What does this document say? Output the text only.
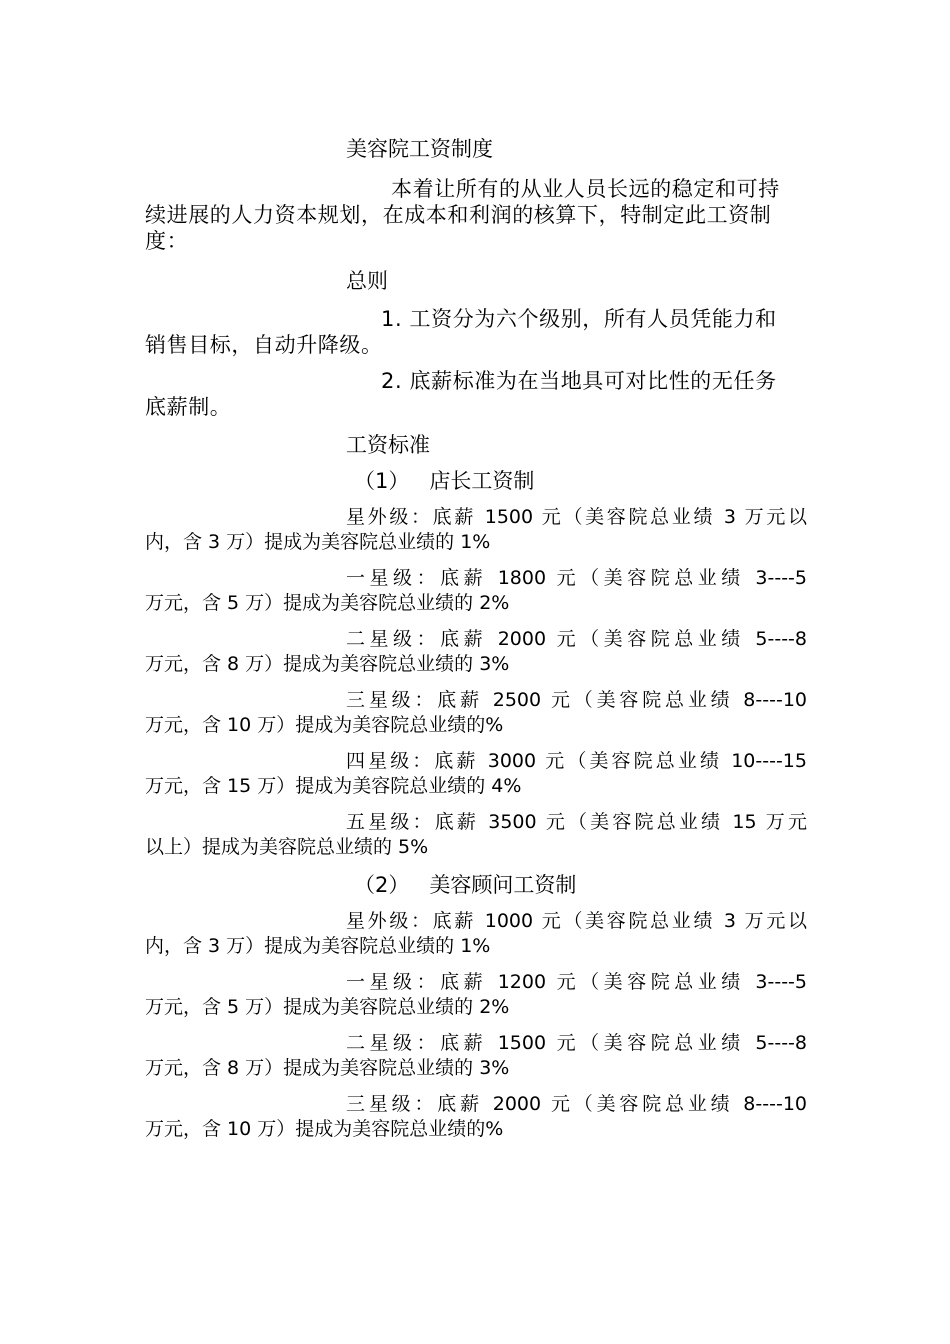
美容院工资制度
本着让所有的从业人员长远的稳定和可持
续进展的人力资本规划，在成本和利润的核算下，特制定此工资制
度：
总则
1. 工资分为六个级别，所有人员凭能力和
销售目标，自动升降级。
2. 底薪标准为在当地具可对比性的无任务
底薪制。
工资标准
（1） 店长工资制
星外级：底薪 1500 元（美容院总业绩 3 万元以
内，含 3 万）提成为美容院总业绩的 1%
一星级：底薪 1800 元（美容院总业绩 3----5
万元，含 5 万）提成为美容院总业绩的 2%
二星级：底薪 2000 元（美容院总业绩 5----8
万元，含 8 万）提成为美容院总业绩的 3%
三星级：底薪 2500 元（美容院总业绩 8----10
万元，含 10 万）提成为美容院总业绩的%
四星级：底薪 3000 元（美容院总业绩 10----15
万元，含 15 万）提成为美容院总业绩的 4%
五星级：底薪 3500 元（美容院总业绩 15 万元
以上）提成为美容院总业绩的 5%
（2） 美容顾问工资制
星外级：底薪 1000 元（美容院总业绩 3 万元以
内，含 3 万）提成为美容院总业绩的 1%
一星级：底薪 1200 元（美容院总业绩 3----5
万元，含 5 万）提成为美容院总业绩的 2%
二星级：底薪 1500 元（美容院总业绩 5----8
万元，含 8 万）提成为美容院总业绩的 3%
三星级：底薪 2000 元（美容院总业绩 8----10
万元，含 10 万）提成为美容院总业绩的%
